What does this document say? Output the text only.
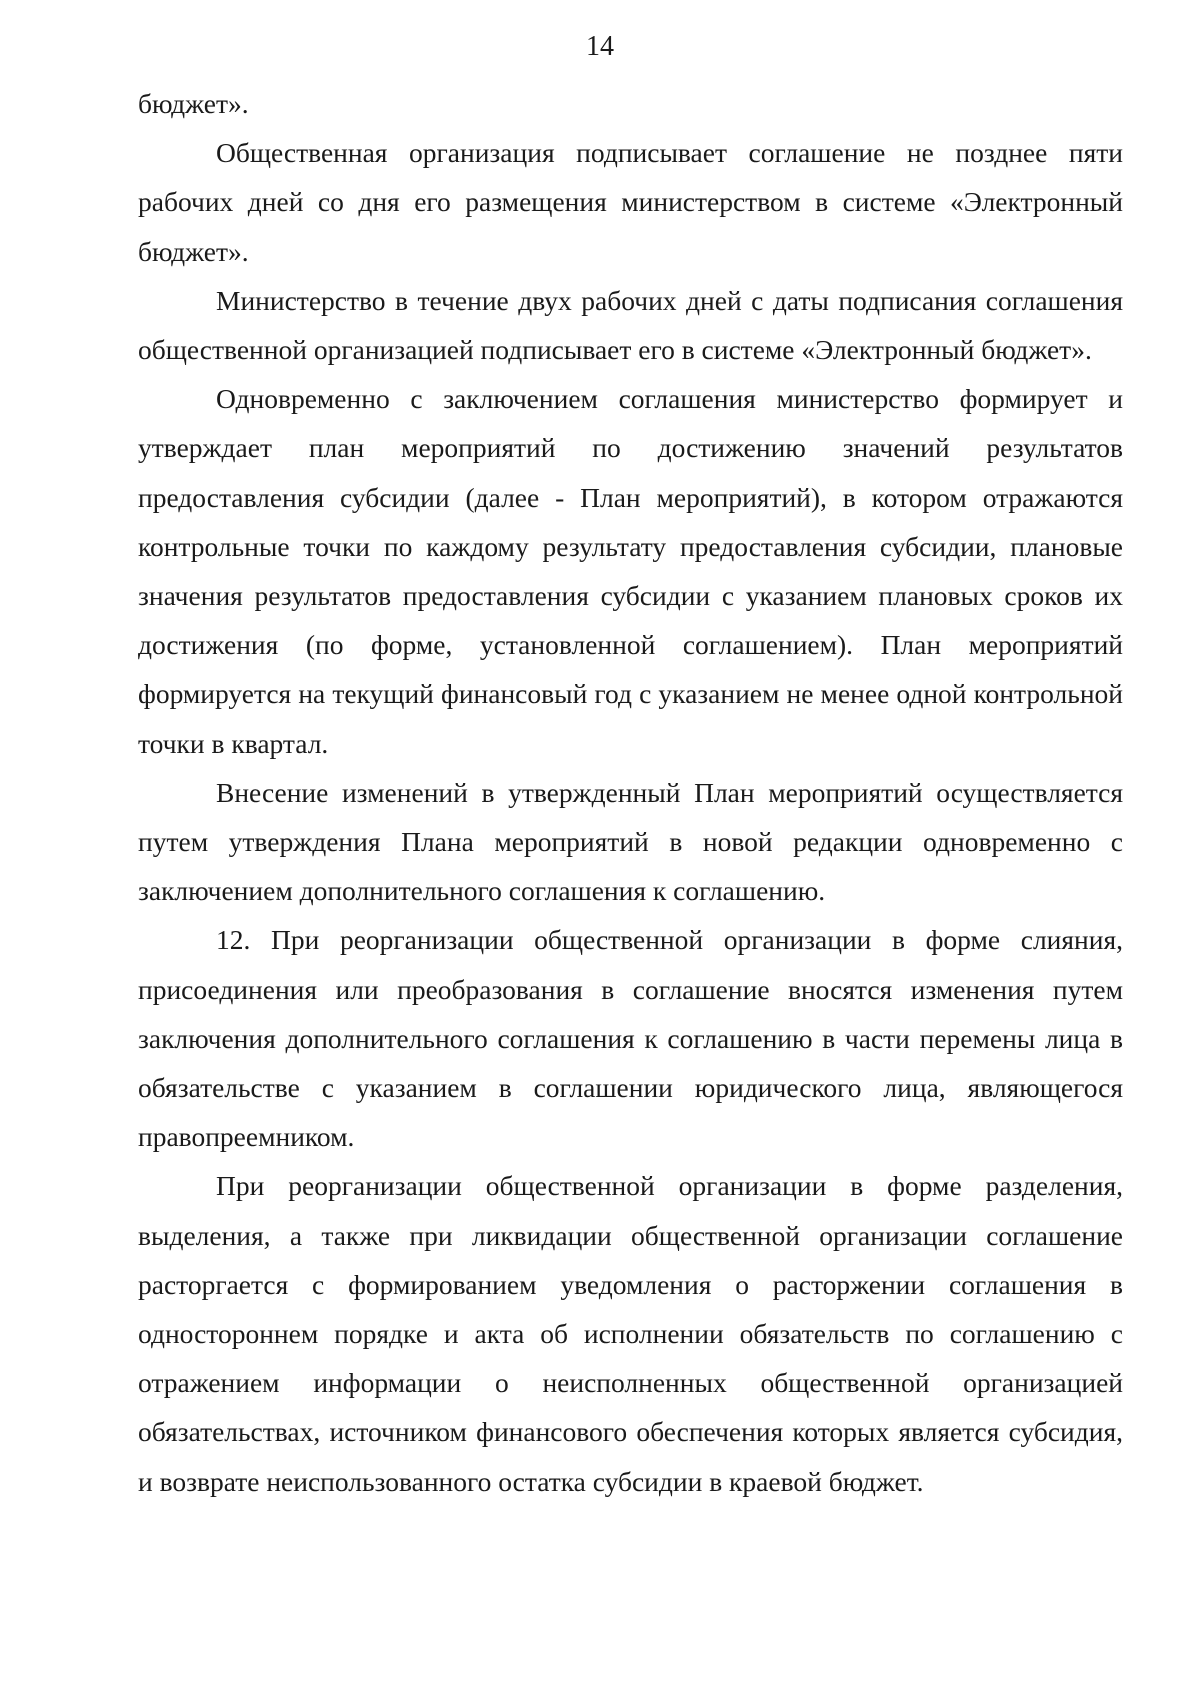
14

бюджет».

Общественная организация подписывает соглашение не позднее пяти рабочих дней со дня его размещения министерством в системе «Электронный бюджет».

Министерство в течение двух рабочих дней с даты подписания соглашения общественной организацией подписывает его в системе «Электронный бюджет».

Одновременно с заключением соглашения министерство формирует и утверждает план мероприятий по достижению значений результатов предоставления субсидии (далее - План мероприятий), в котором отражаются контрольные точки по каждому результату предоставления субсидии, плановые значения результатов предоставления субсидии с указанием плановых сроков их достижения (по форме, установленной соглашением). План мероприятий формируется на текущий финансовый год с указанием не менее одной контрольной точки в квартал.

Внесение изменений в утвержденный План мероприятий осуществляется путем утверждения Плана мероприятий в новой редакции одновременно с заключением дополнительного соглашения к соглашению.

12. При реорганизации общественной организации в форме слияния, присоединения или преобразования в соглашение вносятся изменения путем заключения дополнительного соглашения к соглашению в части перемены лица в обязательстве с указанием в соглашении юридического лица, являющегося правопреемником.

При реорганизации общественной организации в форме разделения, выделения, а также при ликвидации общественной организации соглашение расторгается с формированием уведомления о расторжении соглашения в одностороннем порядке и акта об исполнении обязательств по соглашению с отражением информации о неисполненных общественной организацией обязательствах, источником финансового обеспечения которых является субсидия, и возврате неиспользованного остатка субсидии в краевой бюджет.
